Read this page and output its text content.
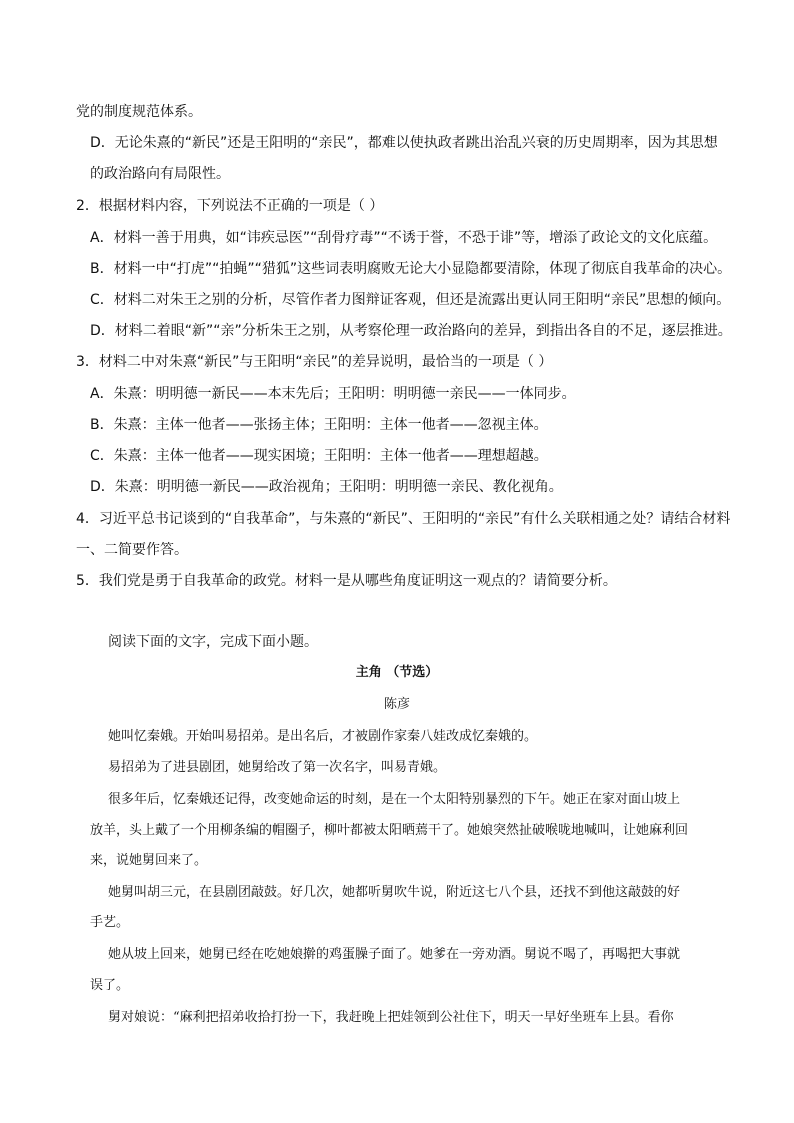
党的制度规范体系。
D．无论朱熹的“新民”还是王阳明的“亲民”，都难以使执政者跳出治乱兴衰的历史周期率，因为其思想
的政治路向有局限性。
2．根据材料内容，下列说法不正确的一项是（ ）
A．材料一善于用典，如“讳疾忌医”“刮骨疗毒”“不诱于誉，不恐于诽”等，增添了政论文的文化底蕴。
B．材料一中“打虎”“拍蝇”“猎狐”这些词表明腐败无论大小显隐都要清除，体现了彻底自我革命的决心。
C．材料二对朱王之别的分析，尽管作者力图辩证客观，但还是流露出更认同王阳明“亲民”思想的倾向。
D．材料二着眼“新”“亲”分析朱王之别，从考察伦理一政治路向的差异，到指出各自的不足，逐层推进。
3．材料二中对朱熹“新民”与王阳明“亲民”的差异说明，最恰当的一项是（ ）
A．朱熹：明明德一新民——本末先后；王阳明：明明德一亲民——一体同步。
B．朱熹：主体一他者——张扬主体；王阳明：主体一他者——忽视主体。
C．朱熹：主体一他者——现实困境；王阳明：主体一他者——理想超越。
D．朱熹：明明德一新民——政治视角；王阳明：明明德一亲民、教化视角。
4．习近平总书记谈到的“自我革命”，与朱熹的“新民”、王阳明的“亲民”有什么关联相通之处？请结合材料
一、二简要作答。
5．我们党是勇于自我革命的政党。材料一是从哪些角度证明这一观点的？请简要分析。
阅读下面的文字，完成下面小题。
主角 （节选）
陈彦
她叫忆秦娥。开始叫易招弟。是出名后，才被剧作家秦八娃改成忆秦娥的。
易招弟为了进县剧团，她舅给改了第一次名字，叫易青娥。
很多年后，忆秦娥还记得，改变她命运的时刻，是在一个太阳特别暴烈的下午。她正在家对面山坡上
放羊，头上戴了一个用柳条编的帽圈子，柳叶都被太阳晒蔫干了。她娘突然扯破喉咙地喊叫，让她麻利回
来，说她舅回来了。
她舅叫胡三元，在县剧团敲鼓。好几次，她都听舅吹牛说，附近这七八个县，还找不到他这敲鼓的好
手艺。
她从坡上回来，她舅已经在吃她娘擀的鸡蛋臊子面了。她爹在一旁劝酒。舅说不喝了，再喝把大事就
误了。
舅对娘说：“麻利把招弟收拾打扮一下，我赶晚上把娃领到公社住下，明天一早好坐班车上县。看你
